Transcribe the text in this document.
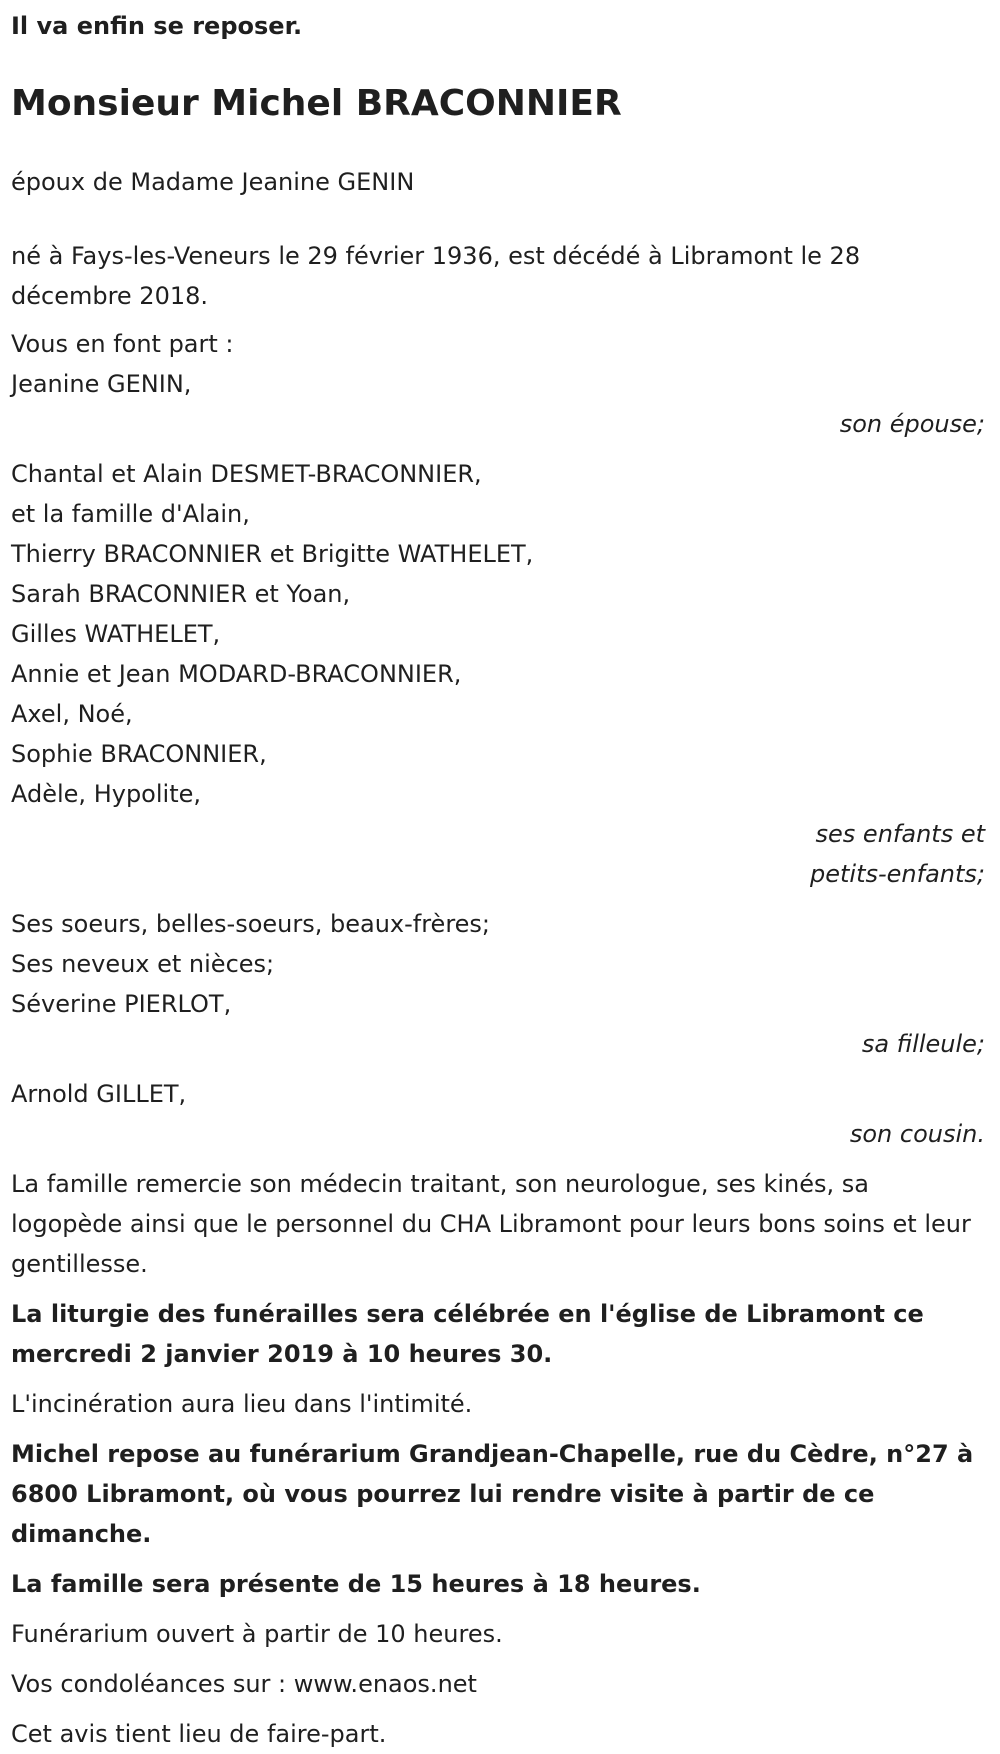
Il va enfin se reposer.
Monsieur Michel BRACONNIER
époux de Madame Jeanine GENIN
né à Fays-les-Veneurs le 29 février 1936, est décédé à Libramont le 28 décembre 2018.
Vous en font part :
Jeanine GENIN,
son épouse;
Chantal et Alain DESMET-BRACONNIER,
et la famille d'Alain,
Thierry BRACONNIER et Brigitte WATHELET,
Sarah BRACONNIER et Yoan,
Gilles WATHELET,
Annie et Jean MODARD-BRACONNIER,
Axel, Noé,
Sophie BRACONNIER,
Adèle, Hypolite,
ses enfants et
petits-enfants;
Ses soeurs, belles-soeurs, beaux-frères;
Ses neveux et nièces;
Séverine PIERLOT,
sa filleule;
Arnold GILLET,
son cousin.
La famille remercie son médecin traitant, son neurologue, ses kinés, sa logopède ainsi que le personnel du CHA Libramont pour leurs bons soins et leur gentillesse.
La liturgie des funérailles sera célébrée en l'église de Libramont ce mercredi 2 janvier 2019 à 10 heures 30.
L'incinération aura lieu dans l'intimité.
Michel repose au funérarium Grandjean-Chapelle, rue du Cèdre, n°27 à 6800 Libramont, où vous pourrez lui rendre visite à partir de ce dimanche.
La famille sera présente de 15 heures à 18 heures.
Funérarium ouvert à partir de 10 heures.
Vos condoléances sur : www.enaos.net
Cet avis tient lieu de faire-part.
